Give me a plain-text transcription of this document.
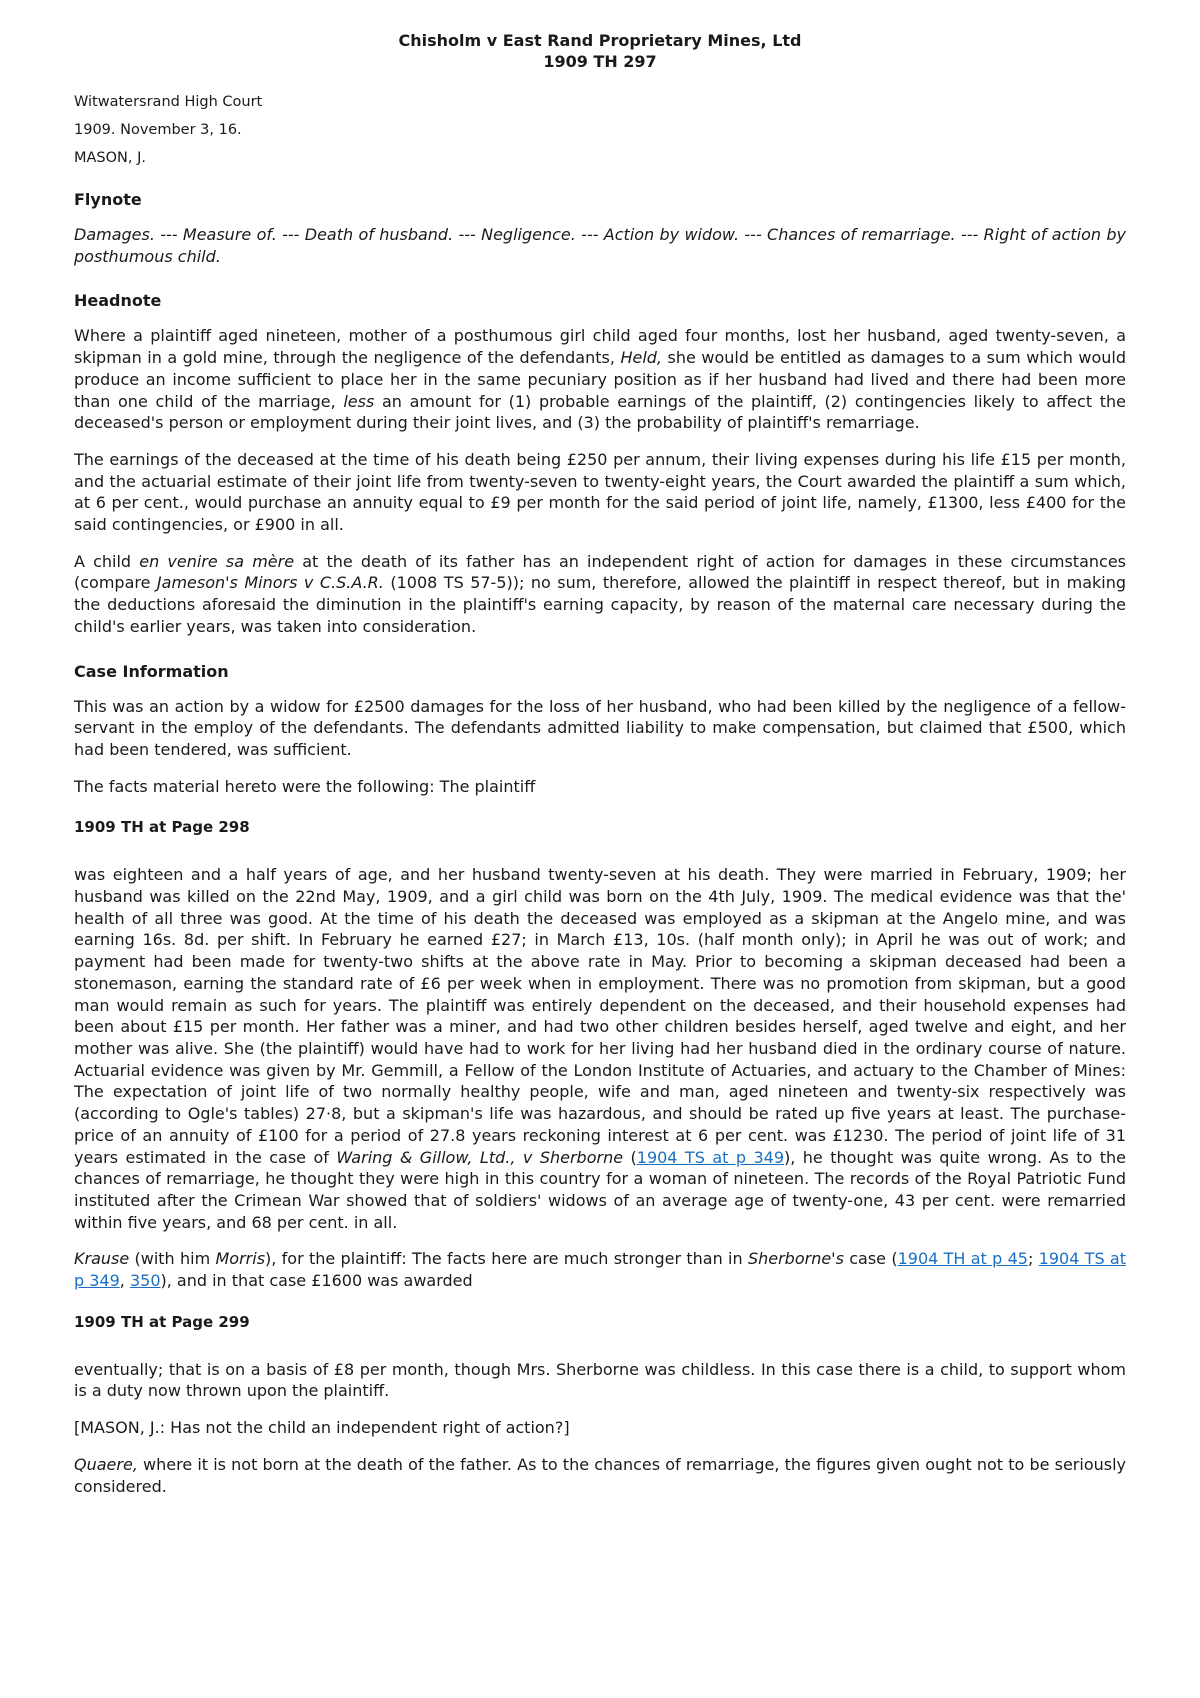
Chisholm v East Rand Proprietary Mines, Ltd
1909 TH 297

Witwatersrand High Court

1909. November 3, 16.

MASON, J.

Flynote

Damages. --- Measure of. --- Death of husband. --- Negligence. --- Action by widow. --- Chances of remarriage. --- Right of action by posthumous child.

Headnote

Where a plaintiff aged nineteen, mother of a posthumous girl child aged four months, lost her husband, aged twenty-seven, a skipman in a gold mine, through the negligence of the defendants, Held, she would be entitled as damages to a sum which would produce an income sufficient to place her in the same pecuniary position as if her husband had lived and there had been more than one child of the marriage, less an amount for (1) probable earnings of the plaintiff, (2) contingencies likely to affect the deceased's person or employment during their joint lives, and (3) the probability of plaintiff's remarriage.

The earnings of the deceased at the time of his death being £250 per annum, their living expenses during his life £15 per month, and the actuarial estimate of their joint life from twenty-seven to twenty-eight years, the Court awarded the plaintiff a sum which, at 6 per cent., would purchase an annuity equal to £9 per month for the said period of joint life, namely, £1300, less £400 for the said contingencies, or £900 in all.

A child en venire sa mère at the death of its father has an independent right of action for damages in these circumstances (compare Jameson's Minors v C.S.A.R. (1008 TS 57-5)); no sum, therefore, allowed the plaintiff in respect thereof, but in making the deductions aforesaid the diminution in the plaintiff's earning capacity, by reason of the maternal care necessary during the child's earlier years, was taken into consideration.

Case Information

This was an action by a widow for £2500 damages for the loss of her husband, who had been killed by the negligence of a fellow-servant in the employ of the defendants. The defendants admitted liability to make compensation, but claimed that £500, which had been tendered, was sufficient.

The facts material hereto were the following: The plaintiff

1909 TH at Page 298

was eighteen and a half years of age, and her husband twenty-seven at his death. They were married in February, 1909; her husband was killed on the 22nd May, 1909, and a girl child was born on the 4th July, 1909. The medical evidence was that the' health of all three was good. At the time of his death the deceased was employed as a skipman at the Angelo mine, and was earning 16s. 8d. per shift. In February he earned £27; in March £13, 10s. (half month only); in April he was out of work; and payment had been made for twenty-two shifts at the above rate in May. Prior to becoming a skipman deceased had been a stonemason, earning the standard rate of £6 per week when in employment. There was no promotion from skipman, but a good man would remain as such for years. The plaintiff was entirely dependent on the deceased, and their household expenses had been about £15 per month. Her father was a miner, and had two other children besides herself, aged twelve and eight, and her mother was alive. She (the plaintiff) would have had to work for her living had her husband died in the ordinary course of nature. Actuarial evidence was given by Mr. Gemmill, a Fellow of the London Institute of Actuaries, and actuary to the Chamber of Mines: The expectation of joint life of two normally healthy people, wife and man, aged nineteen and twenty-six respectively was (according to Ogle's tables) 27·8, but a skipman's life was hazardous, and should be rated up five years at least. The purchase-price of an annuity of £100 for a period of 27.8 years reckoning interest at 6 per cent. was £1230. The period of joint life of 31 years estimated in the case of Waring & Gillow, Ltd., v Sherborne (1904 TS at p 349), he thought was quite wrong. As to the chances of remarriage, he thought they were high in this country for a woman of nineteen. The records of the Royal Patriotic Fund instituted after the Crimean War showed that of soldiers' widows of an average age of twenty-one, 43 per cent. were remarried within five years, and 68 per cent. in all.

Krause (with him Morris), for the plaintiff: The facts here are much stronger than in Sherborne's case (1904 TH at p 45; 1904 TS at p 349, 350), and in that case £1600 was awarded

1909 TH at Page 299

eventually; that is on a basis of £8 per month, though Mrs. Sherborne was childless. In this case there is a child, to support whom is a duty now thrown upon the plaintiff.

[MASON, J.: Has not the child an independent right of action?]

Quaere, where it is not born at the death of the father. As to the chances of remarriage, the figures given ought not to be seriously considered.
